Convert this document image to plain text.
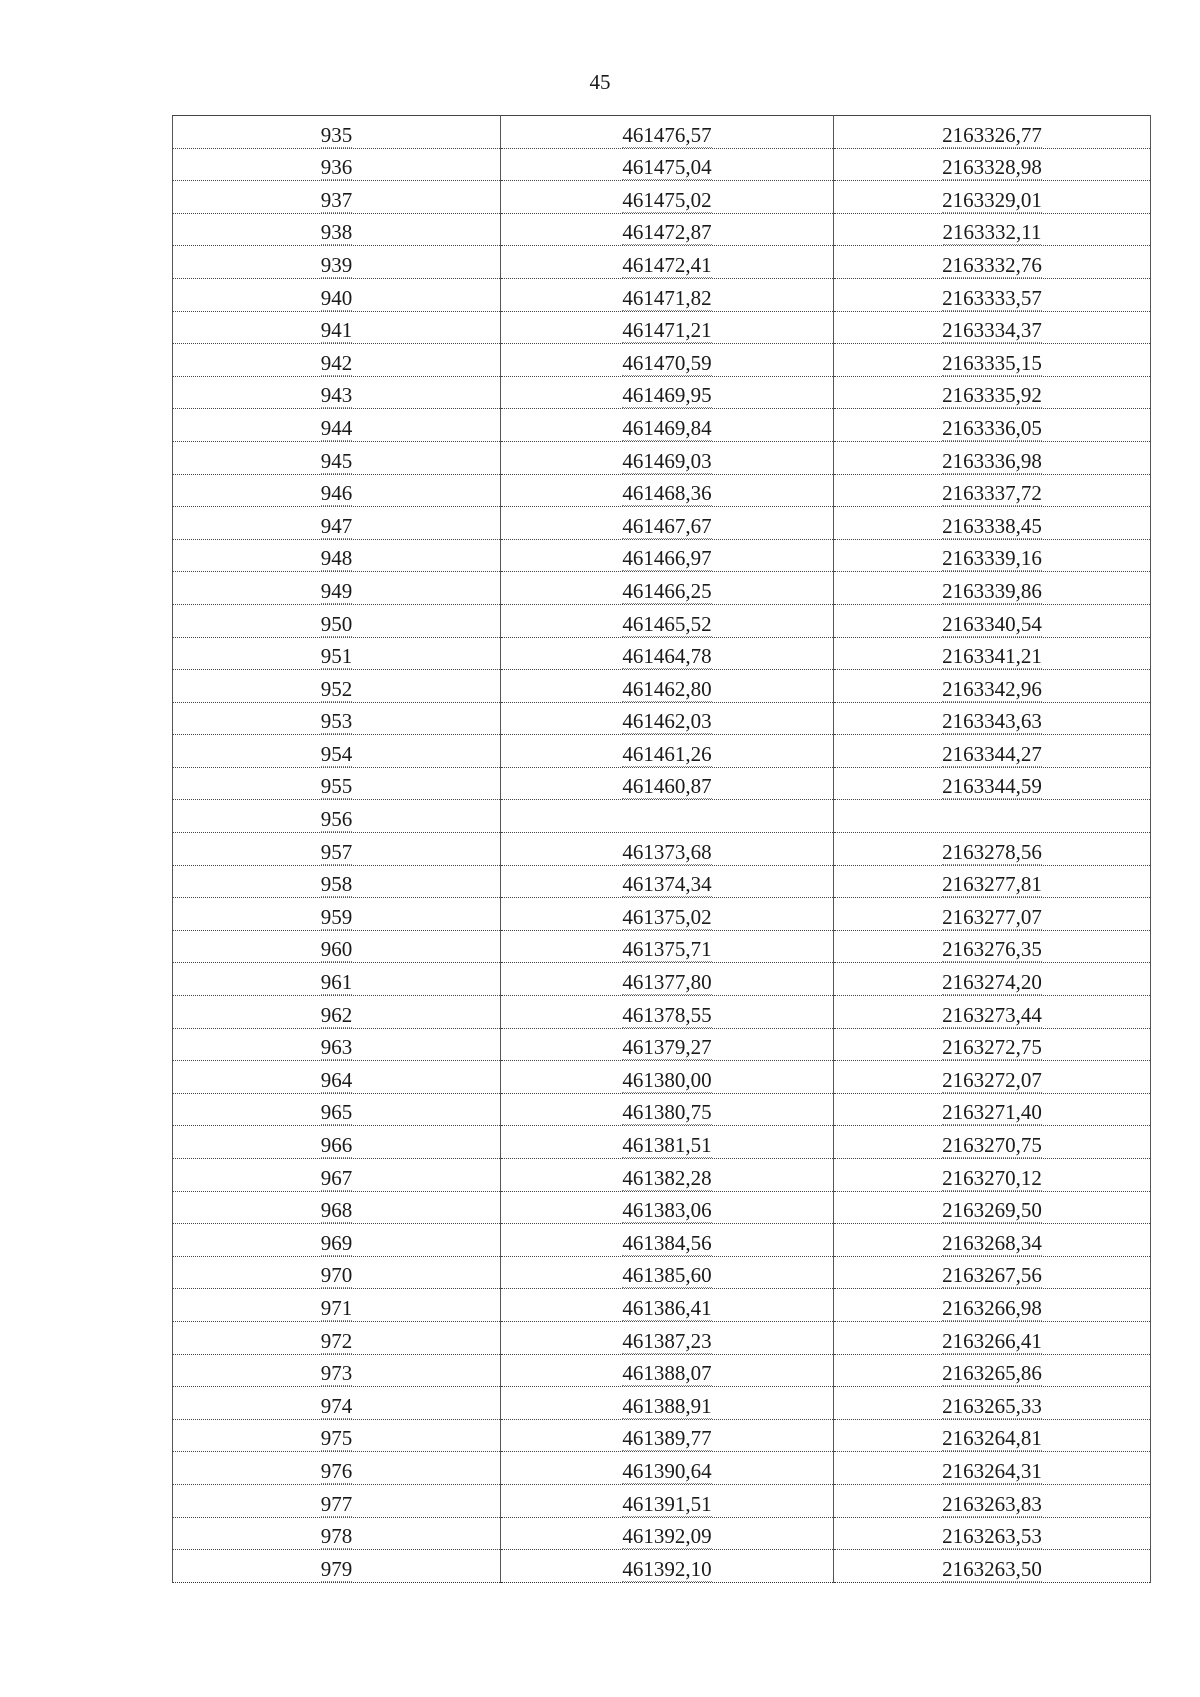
45
935	461476,57	2163326,77
936	461475,04	2163328,98
937	461475,02	2163329,01
938	461472,87	2163332,11
939	461472,41	2163332,76
940	461471,82	2163333,57
941	461471,21	2163334,37
942	461470,59	2163335,15
943	461469,95	2163335,92
944	461469,84	2163336,05
945	461469,03	2163336,98
946	461468,36	2163337,72
947	461467,67	2163338,45
948	461466,97	2163339,16
949	461466,25	2163339,86
950	461465,52	2163340,54
951	461464,78	2163341,21
952	461462,80	2163342,96
953	461462,03	2163343,63
954	461461,26	2163344,27
955	461460,87	2163344,59
956		
957	461373,68	2163278,56
958	461374,34	2163277,81
959	461375,02	2163277,07
960	461375,71	2163276,35
961	461377,80	2163274,20
962	461378,55	2163273,44
963	461379,27	2163272,75
964	461380,00	2163272,07
965	461380,75	2163271,40
966	461381,51	2163270,75
967	461382,28	2163270,12
968	461383,06	2163269,50
969	461384,56	2163268,34
970	461385,60	2163267,56
971	461386,41	2163266,98
972	461387,23	2163266,41
973	461388,07	2163265,86
974	461388,91	2163265,33
975	461389,77	2163264,81
976	461390,64	2163264,31
977	461391,51	2163263,83
978	461392,09	2163263,53
979	461392,10	2163263,50
